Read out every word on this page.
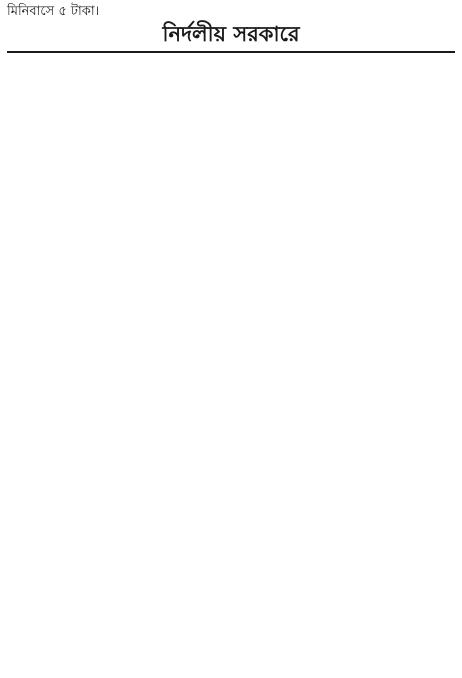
মিনিবাসে ৫ টাকা।
নির্দলীয় সরকারে
